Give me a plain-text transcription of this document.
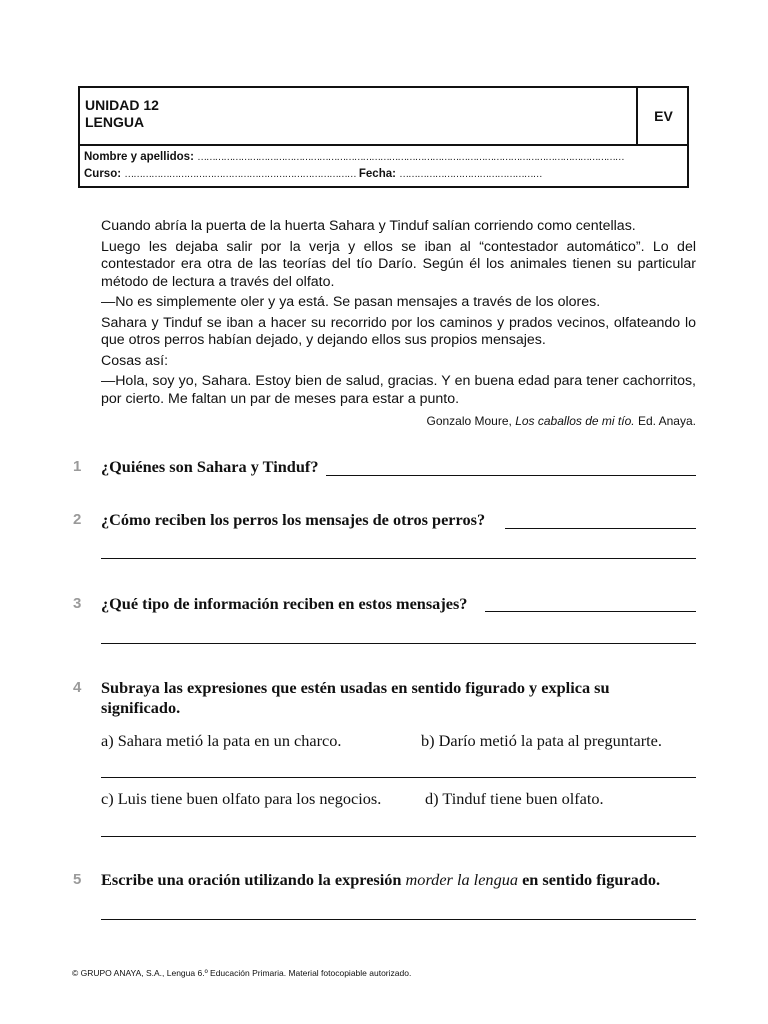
UNIDAD 12
LENGUA	EV
Nombre y apellidos: …………………………………………………………………………………………………………………………………
Curso: …………………………………………………………………… Fecha: …………………………………………

Cuando abría la puerta de la huerta Sahara y Tinduf salían corriendo como centellas.

Luego les dejaba salir por la verja y ellos se iban al “contestador automático”. Lo del contestador era otra de las teorías del tío Darío. Según él los animales tienen su particular método de lectura a través del olfato.

—No es simplemente oler y ya está. Se pasan mensajes a través de los olores.

Sahara y Tinduf se iban a hacer su recorrido por los caminos y prados vecinos, olfateando lo que otros perros habían dejado, y dejando ellos sus propios mensajes.

Cosas así:

—Hola, soy yo, Sahara. Estoy bien de salud, gracias. Y en buena edad para tener cachorritos, por cierto. Me faltan un par de meses para estar a punto.

Gonzalo Moure, Los caballos de mi tío. Ed. Anaya.
1 ¿Quiénes son Sahara y Tinduf?
2 ¿Cómo reciben los perros los mensajes de otros perros?
3 ¿Qué tipo de información reciben en estos mensajes?
4 Subraya las expresiones que estén usadas en sentido figurado y explica su
significado.
a) Sahara metió la pata en un charco.	b) Darío metió la pata al preguntarte.
c) Luis tiene buen olfato para los negocios.	d) Tinduf tiene buen olfato.
5 Escribe una oración utilizando la expresión morder la lengua en sentido figurado.
© GRUPO ANAYA, S.A., Lengua 6.º Educación Primaria. Material fotocopiable autorizado.
